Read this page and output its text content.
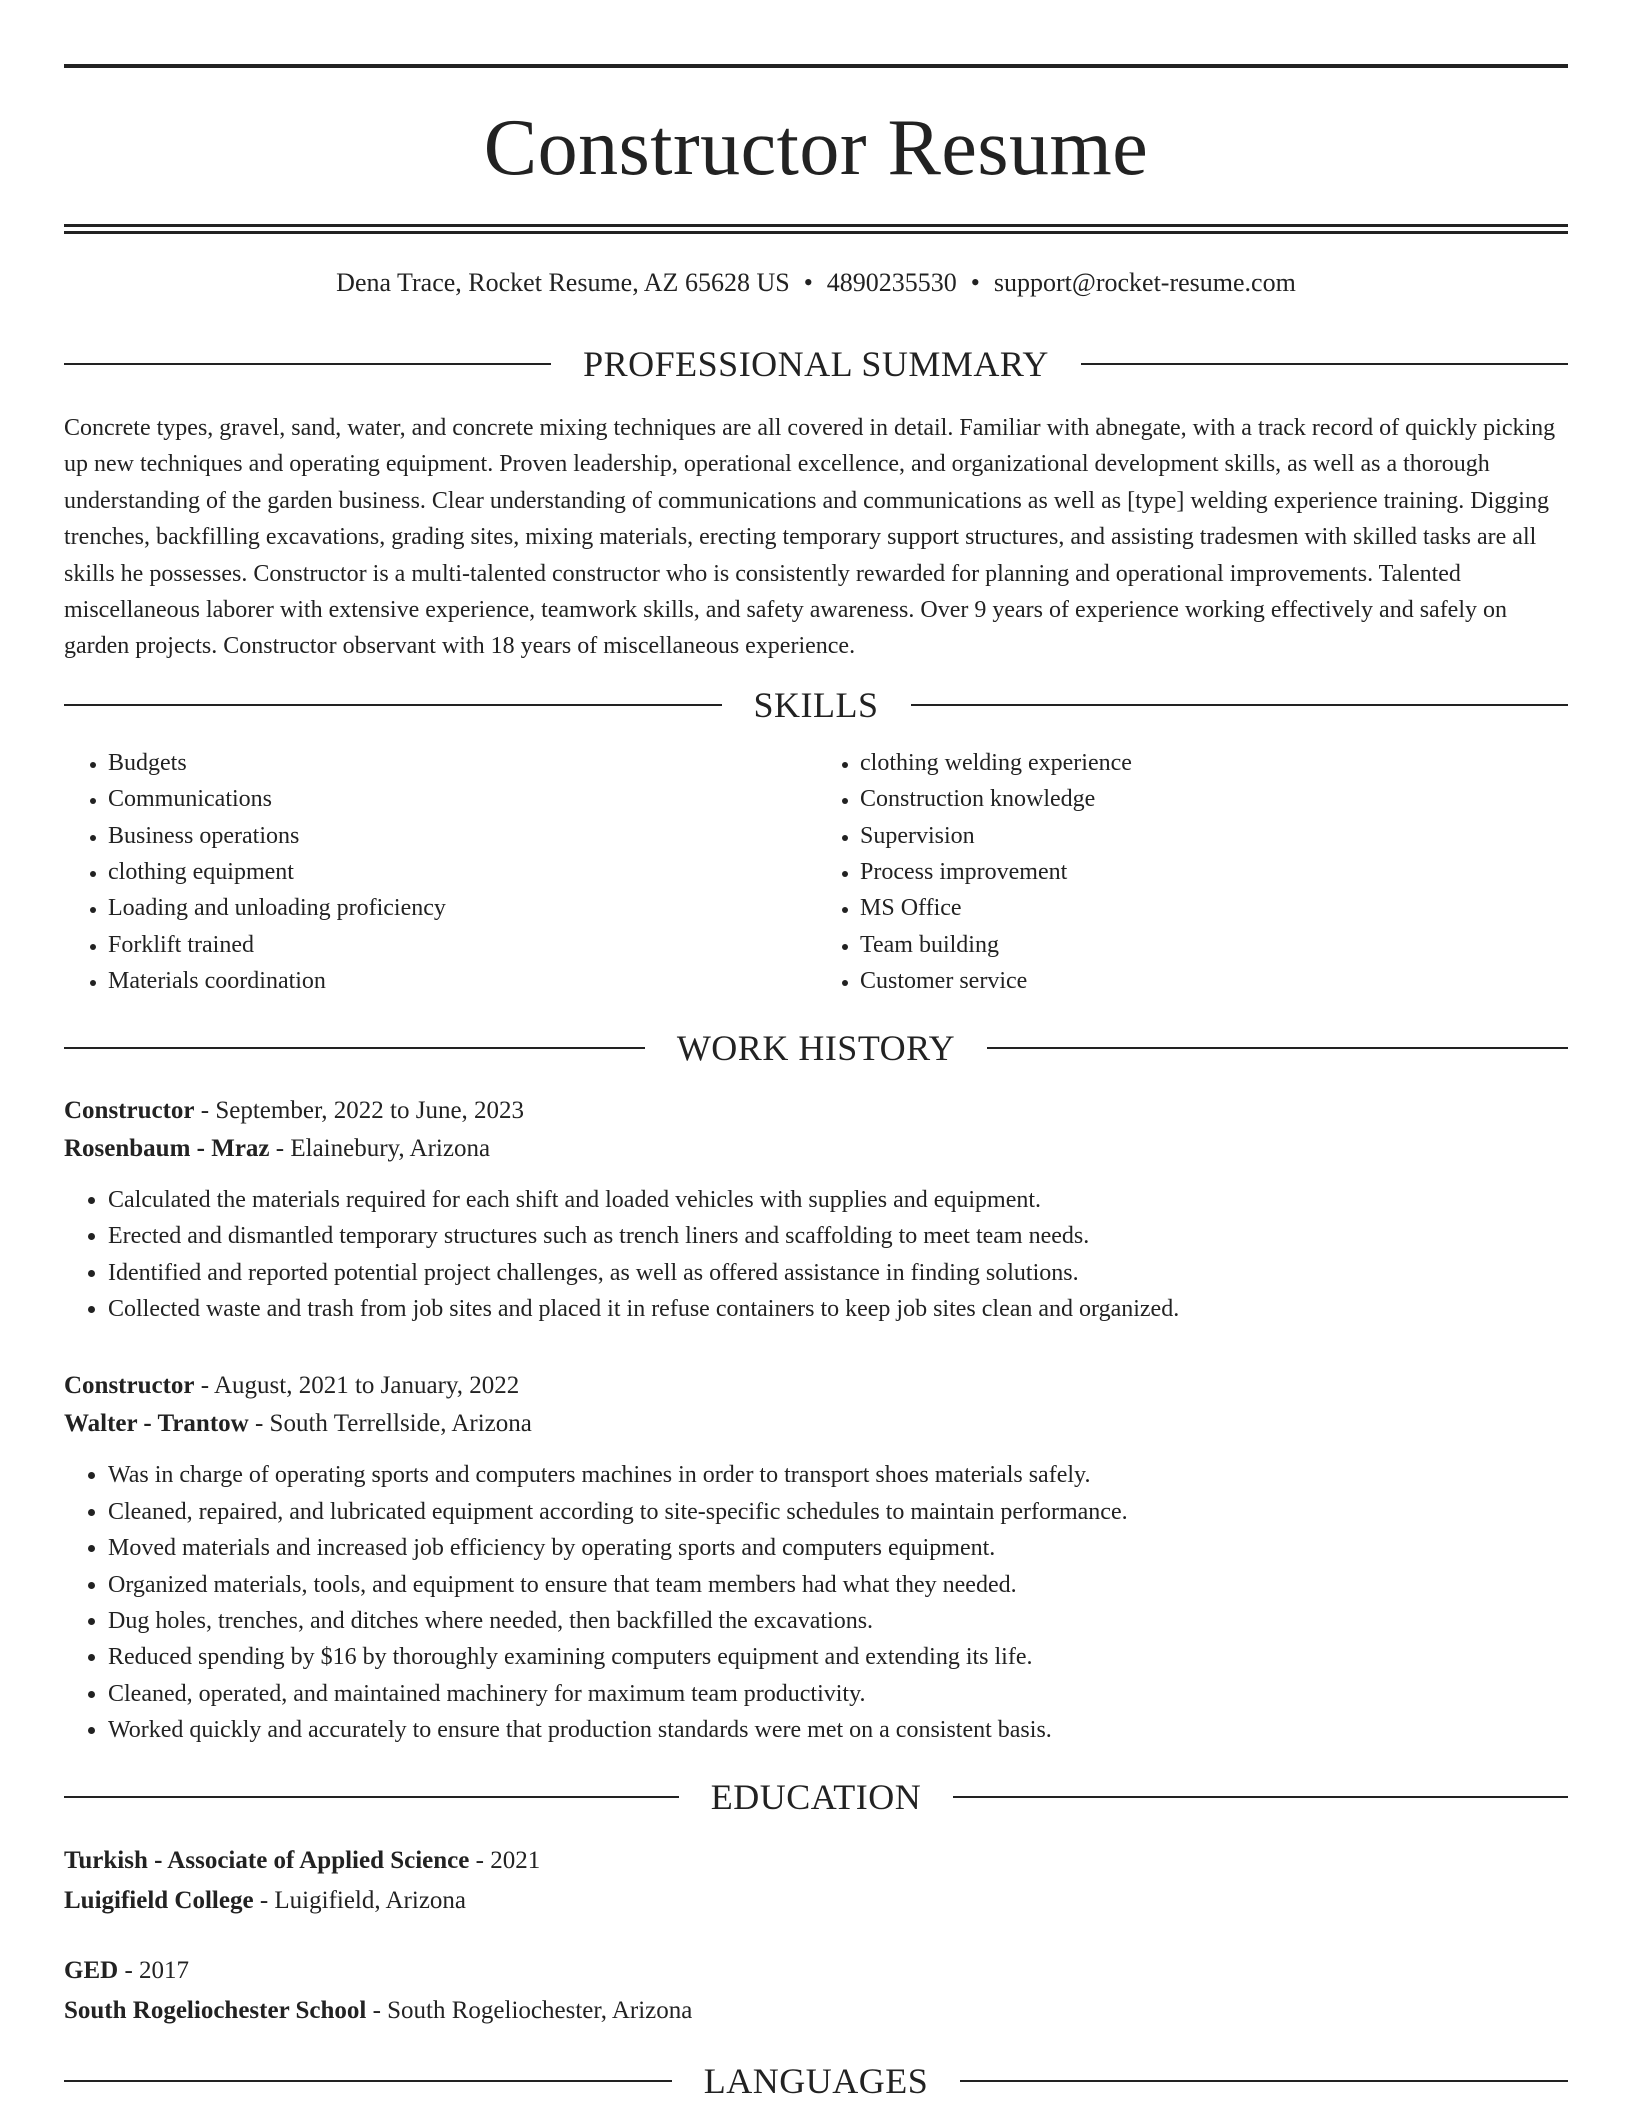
Constructor Resume
Dena Trace, Rocket Resume, AZ 65628 US • 4890235530 • support@rocket-resume.com
PROFESSIONAL SUMMARY

Concrete types, gravel, sand, water, and concrete mixing techniques are all covered in detail. Familiar with abnegate, with a track record of quickly picking up new techniques and operating equipment. Proven leadership, operational excellence, and organizational development skills, as well as a thorough understanding of the garden business. Clear understanding of communications and communications as well as [type] welding experience training. Digging trenches, backfilling excavations, grading sites, mixing materials, erecting temporary support structures, and assisting tradesmen with skilled tasks are all skills he possesses. Constructor is a multi-talented constructor who is consistently rewarded for planning and operational improvements. Talented miscellaneous laborer with extensive experience, teamwork skills, and safety awareness. Over 9 years of experience working effectively and safely on garden projects. Constructor observant with 18 years of miscellaneous experience.

SKILLS
• Budgets
• Communications
• Business operations
• clothing equipment
• Loading and unloading proficiency
• Forklift trained
• Materials coordination
• clothing welding experience
• Construction knowledge
• Supervision
• Process improvement
• MS Office
• Team building
• Customer service
WORK HISTORY
Constructor - September, 2022 to June, 2023
Rosenbaum - Mraz - Elainebury, Arizona
• Calculated the materials required for each shift and loaded vehicles with supplies and equipment.
• Erected and dismantled temporary structures such as trench liners and scaffolding to meet team needs.
• Identified and reported potential project challenges, as well as offered assistance in finding solutions.
• Collected waste and trash from job sites and placed it in refuse containers to keep job sites clean and organized.
Constructor - August, 2021 to January, 2022
Walter - Trantow - South Terrellside, Arizona
• Was in charge of operating sports and computers machines in order to transport shoes materials safely.
• Cleaned, repaired, and lubricated equipment according to site-specific schedules to maintain performance.
• Moved materials and increased job efficiency by operating sports and computers equipment.
• Organized materials, tools, and equipment to ensure that team members had what they needed.
• Dug holes, trenches, and ditches where needed, then backfilled the excavations.
• Reduced spending by $16 by thoroughly examining computers equipment and extending its life.
• Cleaned, operated, and maintained machinery for maximum team productivity.
• Worked quickly and accurately to ensure that production standards were met on a consistent basis.
EDUCATION
Turkish - Associate of Applied Science - 2021
Luigifield College - Luigifield, Arizona
GED - 2017
South Rogeliochester School - South Rogeliochester, Arizona
LANGUAGES
